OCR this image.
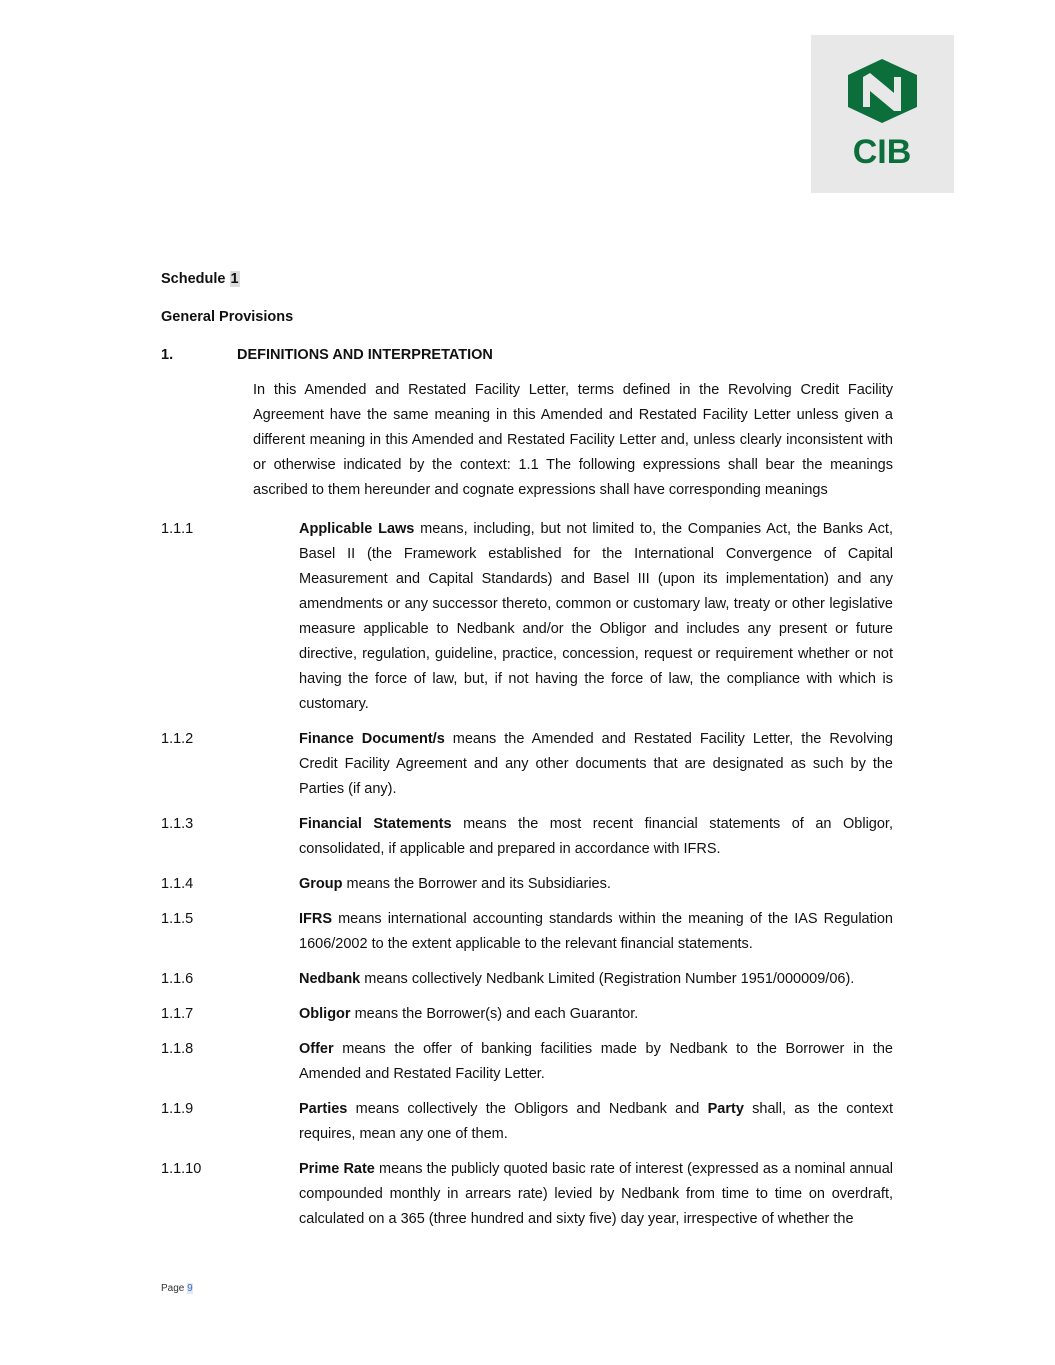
CIB
Schedule 1
General Provisions
1.	DEFINITIONS AND INTERPRETATION

In this Amended and Restated Facility Letter, terms defined in the Revolving Credit Facility Agreement have the same meaning in this Amended and Restated Facility Letter unless given a different meaning in this Amended and Restated Facility Letter and, unless clearly inconsistent with or otherwise indicated by the context: 1.1 The following expressions shall bear the meanings ascribed to them hereunder and cognate expressions shall have corresponding meanings

1.1.1	Applicable Laws means, including, but not limited to, the Companies Act, the Banks Act, Basel II (the Framework established for the International Convergence of Capital Measurement and Capital Standards) and Basel III (upon its implementation) and any amendments or any successor thereto, common or customary law, treaty or other legislative measure applicable to Nedbank and/or the Obligor and includes any present or future directive, regulation, guideline, practice, concession, request or requirement whether or not having the force of law, but, if not having the force of law, the compliance with which is customary.

1.1.2	Finance Document/s means the Amended and Restated Facility Letter, the Revolving Credit Facility Agreement and any other documents that are designated as such by the Parties (if any).

1.1.3	Financial Statements means the most recent financial statements of an Obligor, consolidated, if applicable and prepared in accordance with IFRS.

1.1.4	Group means the Borrower and its Subsidiaries.

1.1.5	IFRS means international accounting standards within the meaning of the IAS Regulation 1606/2002 to the extent applicable to the relevant financial statements.

1.1.6	Nedbank means collectively Nedbank Limited (Registration Number 1951/000009/06).

1.1.7	Obligor means the Borrower(s) and each Guarantor.

1.1.8	Offer means the offer of banking facilities made by Nedbank to the Borrower in the Amended and Restated Facility Letter.

1.1.9	Parties means collectively the Obligors and Nedbank and Party shall, as the context requires, mean any one of them.

1.1.10	Prime Rate means the publicly quoted basic rate of interest (expressed as a nominal annual compounded monthly in arrears rate) levied by Nedbank from time to time on overdraft, calculated on a 365 (three hundred and sixty five) day year, irrespective of whether the

Page 9
